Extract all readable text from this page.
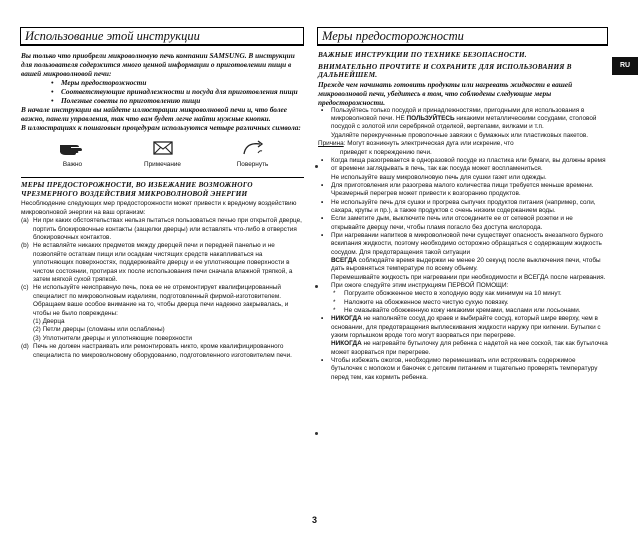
Использование этой инструкции	Меры предосторожности
RU

Вы только что приобрели микроволновую печь компании SAMSUNG. В инструкции для пользователя содержится много ценной информации о приготовлении пищи в вашей микроволновой печи:

• Меры предосторожности
• Соответствующие принадлежности и посуда для приготовления пищи
• Полезные советы по приготовлению пищи

В начале инструкции вы найдете иллюстрации микроволновой печи и, что более важно, панели управления, так что вам будет легче найти нужные кнопки.

В иллюстрациях к пошаговым процедурам используются четыре различных символа:

Важно	Примечание	Повернуть

МЕРЫ ПРЕДОСТОРОЖНОСТИ, ВО ИЗБЕЖАНИЕ ВОЗМОЖНОГО ЧРЕЗМЕРНОГО ВОЗДЕЙСТВИЯ МИКРОВОЛНОВОЙ ЭНЕРГИИ

Несоблюдение следующих мер предосторожности может привести к вредному воздействию микроволновой энергии на ваш организм:

(a) Ни при каких обстоятельствах нельзя пытаться пользоваться печью при открытой дверце, портить блокировочные контакты (защелки дверцы) или вставлять что-либо в отверстия блокировочных контактов.
(b) Не вставляйте никаких предметов между дверцей печи и передней панелью и не позволяйте остаткам пищи или осадкам чистящих средств накапливаться на уплотняющих поверхностях, поддерживайте дверцу и ее уплотняющие поверхности в чистом состоянии, протирая их после использования печи сначала влажной тряпкой, а затем мягкой сухой тряпкой.
(c) Не используйте неисправную печь, пока ее не отремонтирует квалифицированный специалист по микроволновым изделиям, подготовленный фирмой-изготовителем. Обращаем ваше особое внимание на то, чтобы дверца печи надежно закрывалась, и чтобы не было повреждены:
(1) Дверца
(2) Петли дверцы (сломаны или ослаблены)
(3) Уплотнители дверцы и уплотняющие поверхности
(d) Печь не должен настраивать или ремонтировать никто, кроме квалифицированного специалиста по микроволновому оборудованию, подготовленного изготовителем печи.

ВАЖНЫЕ ИНСТРУКЦИИ ПО ТЕХНИКЕ БЕЗОПАСНОСТИ.

ВНИМАТЕЛЬНО ПРОЧТИТЕ И СОХРАНИТЕ ДЛЯ ИСПОЛЬЗОВАНИЯ В ДАЛЬНЕЙШЕМ.

Прежде чем начинать готовить продукты или нагревать жидкости в вашей микроволновой печи, убедитесь в том, что соблюдены следующие меры предосторожности.

• Пользуйтесь только посудой и принадлежностями, пригодными для использования в микроволновой печи. НЕ ПОЛЬЗУЙТЕСЬ никакими металлическими сосудами, столовой посудой с золотой или серебряной отделкой, вертелами, вилками и т.п.
Удаляйте перекрученные проволочные завязки с бумажных или пластиковых пакетов.
Причина: Могут возникнуть электрическая дуга или искрение, что
приведет к повреждению печи.
• Когда пища разогревается в одноразовой посуде из пластика или бумаги, вы должны время от времени заглядывать в печь, так как посуда может воспламениться.
Не используйте вашу микроволновую печь для сушки газет или одежды.
• Для приготовления или разогрева малого количества пищи требуется меньше времени.
Чрезмерный перегрев может привести к возгоранию продуктов.
• Не используйте печь для сушки и прогрева сыпучих продуктов питания (например, соли, сахара, крупы и пр.), а также продуктов с очень низким содержанием воды.
• Если заметите дым, выключите печь или отсоедините ее от сетевой розетки и не открывайте дверцу печи, чтобы пламя погасло без доступа кислорода.
• При нагревании напитков в микроволновой печи существует опасность внезапного бурного вскипания жидкости, поэтому необходимо осторожно обращаться с содержащим жидкость сосудом. Для предотвращения такой ситуации
ВСЕГДА соблюдайте время выдержки не менее 20 секунд после выключения печи, чтобы дать выровняться температуре по всему объему.
Перемешивайте жидкость при нагревании при необходимости и ВСЕГДА после нагревания.
При ожоге следуйте этим инструкциям ПЕРВОЙ ПОМОЩИ:
* Погрузите обожженное место в холодную воду как минимум на 10 минут.
* Наложите на обожженное место чистую сухую повязку.
* Не смазывайте обожженную кожу никакими кремами, маслами или лосьонами.
• НИКОГДА не наполняйте сосуд до краев и выбирайте сосуд, который шире вверху, чем в основании, для предотвращения выплескивания жидкости наружу при кипении. Бутылки с узким горлышком вроде того могут взорваться при перегреве.
НИКОГДА не нагревайте бутылочку для ребенка с надетой на нее соской, так как бутылочка может взорваться при перегреве.
• Чтобы избежать ожогов, необходимо перемешивать или встряхивать содержимое бутылочек с молоком и баночек с детским питанием и тщательно проверять температуру перед тем, как кормить ребенка.
3
